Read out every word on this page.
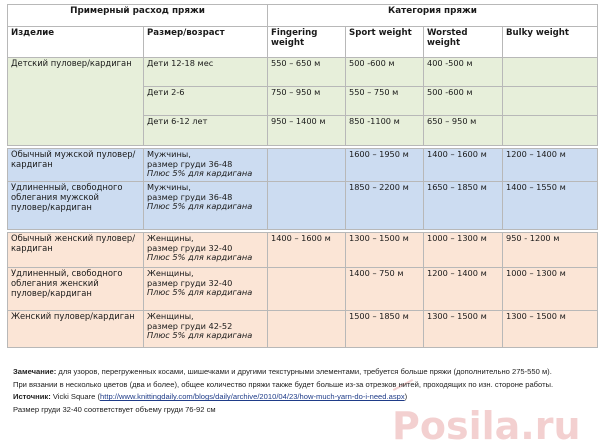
Примерный расход пряжи		Категория пряжи			
Изделие	Размер/возраст	Fingering weight	Sport weight	Worsted weight	Bulky weight
Детский пуловер/кардиган	Дети 12-18 мес	550 – 650 м	500 -600 м	400 -500 м	
	Дети 2-6	750 – 950 м	550 – 750 м	500 -600 м	
	Дети 6-12 лет	950 – 1400 м	850 -1100 м	650 – 950 м	

Обычный мужской пуловер/кардиган	Мужчины,
размер груди 36-48
Плюс 5% для кардигана		1600 – 1950 м	1400 – 1600 м	1200 – 1400 м
Удлиненный, свободного облегания мужской пуловер/кардиган	Мужчины,
размер груди 36-48
Плюс 5% для кардигана		1850 – 2200 м	1650 – 1850 м	1400 – 1550 м

Обычный женский пуловер/кардиган	Женщины,
размер груди 32-40
Плюс 5% для кардигана	1400 – 1600 м	1300 – 1500 м	1000 – 1300 м	950 - 1200 м
Удлиненный, свободного облегания женский пуловер/кардиган	Женщины,
размер груди 32-40
Плюс 5% для кардигана		1400 – 750 м	1200 – 1400 м	1000 – 1300 м
Женский пуловер/кардиган	Женщины,
размер груди 42-52
Плюс 5% для кардигана		1500 – 1850 м	1300 – 1500 м	1300 – 1500 м
Posila.ru
Замечание: для узоров, перегруженных косами, шишечками и другими текстурными элементами, требуется больше пряжи (дополнительно 275-550 м).
При вязании в несколько цветов (два и более), общее количество пряжи также будет больше из-за отрезков нитей, проходящих по изн. стороне работы.
Источник: Vicki Square (http://www.knittingdaily.com/blogs/daily/archive/2010/04/23/how-much-yarn-do-i-need.aspx)
Размер груди 32-40 соответствует объему груди 76-92 см
